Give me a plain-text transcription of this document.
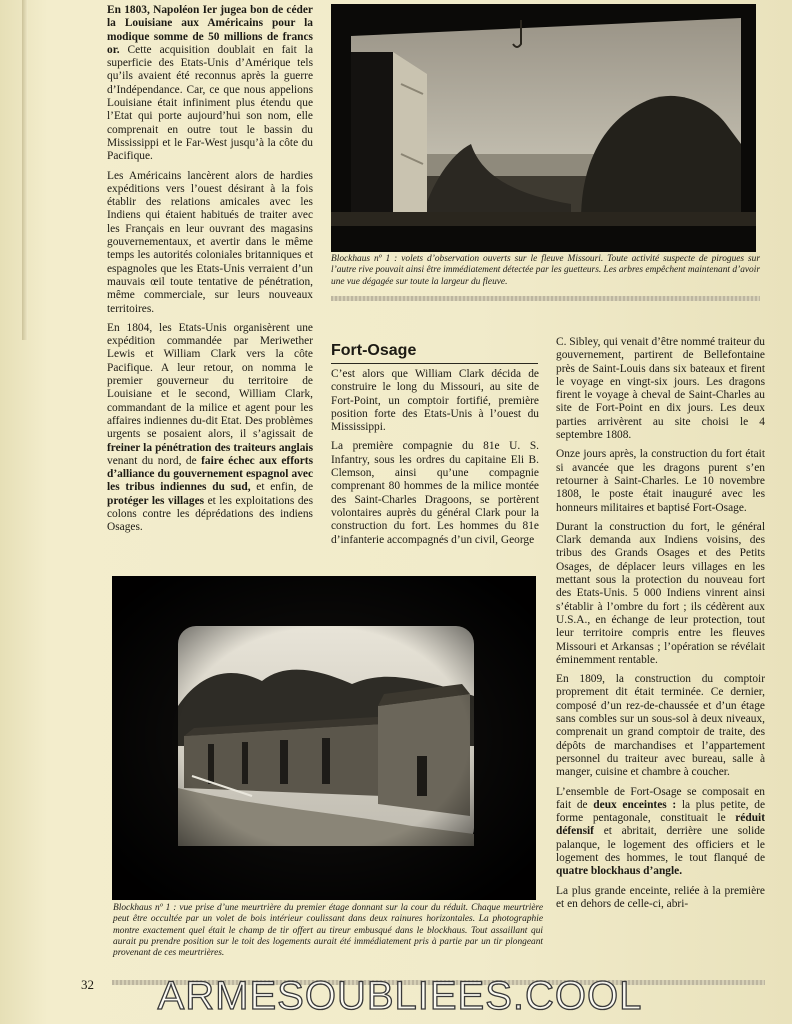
En 1803, Napoléon Ier jugea bon de céder la Louisiane aux Américains pour la modique somme de 50 millions de francs or. Cette acquisition doublait en fait la superficie des Etats-Unis d’Amérique tels qu’ils avaient été reconnus après la guerre d’Indépendance. Car, ce que nous appelions Louisiane était infiniment plus étendu que l’Etat qui porte aujourd’hui son nom, elle comprenait en outre tout le bassin du Mississippi et le Far-West jusqu’à la côte du Pacifique.

Les Américains lancèrent alors de hardies expéditions vers l’ouest désirant à la fois établir des relations amicales avec les Indiens qui étaient habitués de traiter avec les Français en leur ouvrant des magasins gouvernementaux, et avertir dans le même temps les autorités coloniales britanniques et espagnoles que les Etats-Unis verraient d’un mauvais œil toute tentative de pénétration, même commerciale, sur leurs nouveaux territoires.

En 1804, les Etats-Unis organisèrent une expédition commandée par Meriwether Lewis et William Clark vers la côte Pacifique. A leur retour, on nomma le premier gouverneur du territoire de Louisiane et le second, William Clark, commandant de la milice et agent pour les affaires indiennes du-dit Etat. Des problèmes urgents se posaient alors, il s’agissait de freiner la pénétration des traiteurs anglais venant du nord, de faire échec aux efforts d’alliance du gouvernement espagnol avec les tribus indiennes du sud, et enfin, de protéger les villages et les exploitations des colons contre les déprédations des indiens Osages.

Blockhaus nº 1 : volets d’observation ouverts sur le fleuve Missouri. Toute activité suspecte de pirogues sur l’autre rive pouvait ainsi être immédiatement détectée par les guetteurs. Les arbres empêchent maintenant d’avoir une vue dégagée sur toute la largeur du fleuve.
Fort-Osage

C’est alors que William Clark décida de construire le long du Missouri, au site de Fort-Point, un comptoir fortifié, première position forte des Etats-Unis à l’ouest du Mississippi.

La première compagnie du 81e U. S. Infantry, sous les ordres du capitaine Eli B. Clemson, ainsi qu’une compagnie comprenant 80 hommes de la milice montée des Saint-Charles Dragoons, se portèrent volontaires auprès du général Clark pour la construction du fort. Les hommes du 81e d’infanterie accompagnés d’un civil, George

C. Sibley, qui venait d’être nommé traiteur du gouvernement, partirent de Bellefontaine près de Saint-Louis dans six bateaux et firent le voyage en vingt-six jours. Les dragons firent le voyage à cheval de Saint-Charles au site de Fort-Point en dix jours. Les deux parties arrivèrent au site choisi le 4 septembre 1808.

Onze jours après, la construction du fort était si avancée que les dragons purent s’en retourner à Saint-Charles. Le 10 novembre 1808, le poste était inauguré avec les honneurs militaires et baptisé Fort-Osage.

Durant la construction du fort, le général Clark demanda aux Indiens voisins, des tribus des Grands Osages et des Petits Osages, de déplacer leurs villages en les mettant sous la protection du nouveau fort des Etats-Unis. 5 000 Indiens vinrent ainsi s’établir à l’ombre du fort ; ils cédèrent aux U.S.A., en échange de leur protection, tout leur territoire compris entre les fleuves Missouri et Arkansas ; l’opération se révélait éminemment rentable.

En 1809, la construction du comptoir proprement dit était terminée. Ce dernier, composé d’un rez-de-chaussée et d’un étage sans combles sur un sous-sol à deux niveaux, comprenait un grand comptoir de traite, des dépôts de marchandises et l’appartement personnel du traiteur avec bureau, salle à manger, cuisine et chambre à coucher.

L’ensemble de Fort-Osage se composait en fait de deux enceintes : la plus petite, de forme pentagonale, constituait le réduit défensif et abritait, derrière une solide palanque, le logement des officiers et le logement des hommes, le tout flanqué de quatre blockhaus d’angle.

La plus grande enceinte, reliée à la première et en dehors de celle-ci, abri-

Blockhaus nº 1 : vue prise d’une meurtrière du premier étage donnant sur la cour du réduit. Chaque meurtrière peut être occultée par un volet de bois intérieur coulissant dans deux rainures horizontales. La photographie montre exactement quel était le champ de tir offert au tireur embusqué dans le blockhaus. Tout assaillant qui aurait pu prendre position sur le toit des logements aurait été immédiatement pris à partie par un tir plongeant provenant de ces meurtrières.
32 ARMESOUBLIEES.COOL
